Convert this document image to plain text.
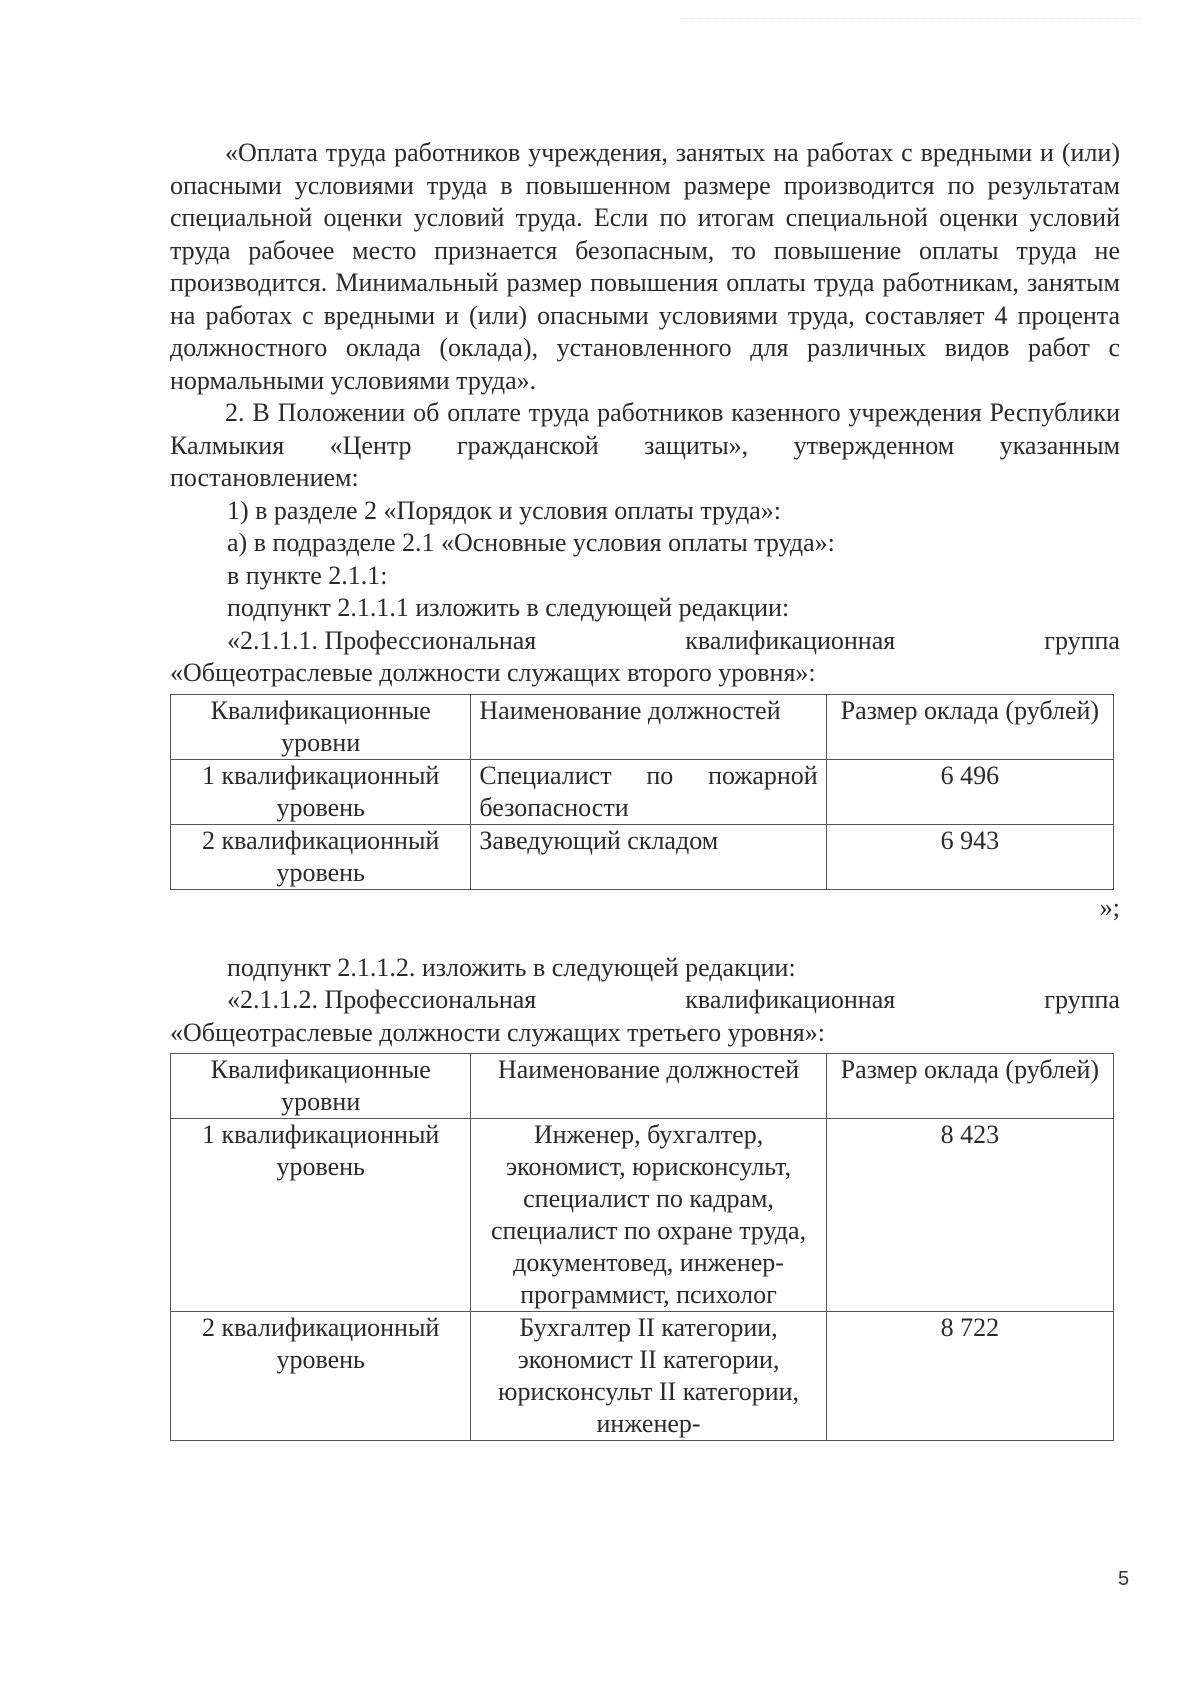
«Оплата труда работников учреждения, занятых на работах с вредными и (или) опасными условиями труда в повышенном размере производится по результатам специальной оценки условий труда. Если по итогам специальной оценки условий труда рабочее место признается безопасным, то повышение оплаты труда не производится. Минимальный размер повышения оплаты труда работникам, занятым на работах с вредными и (или) опасными условиями труда, составляет 4 процента должностного оклада (оклада), установленного для различных видов работ с нормальными условиями труда».

2. В Положении об оплате труда работников казенного учреждения Республики Калмыкия «Центр гражданской защиты», утвержденном указанным постановлением:

1) в разделе 2 «Порядок и условия оплаты труда»:

а) в подразделе 2.1 «Основные условия оплаты труда»:

в пункте 2.1.1:

подпункт 2.1.1.1 изложить в следующей редакции:

«2.1.1.1. Профессиональная	квалификационная	группа

«Общеотраслевые должности служащих второго уровня»:

Квалификационные уровни	Наименование должностей	Размер оклада (рублей)
1 квалификационный уровень	Специалист по пожарной безопасности	6 496
2 квалификационный уровень	Заведующий складом	6 943
»;

подпункт 2.1.1.2. изложить в следующей редакции:

«2.1.1.2. Профессиональная	квалификационная	группа

«Общеотраслевые должности служащих третьего уровня»:

Квалификационные уровни	Наименование должностей	Размер оклада (рублей)
1 квалификационный уровень	Инженер, бухгалтер, экономист, юрисконсульт, специалист по кадрам, специалист по охране труда, документовед, инженер-программист, психолог	8 423
2 квалификационный уровень	Бухгалтер II категории, экономист II категории, юрисконсульт II категории, инженер-	8 722
5
